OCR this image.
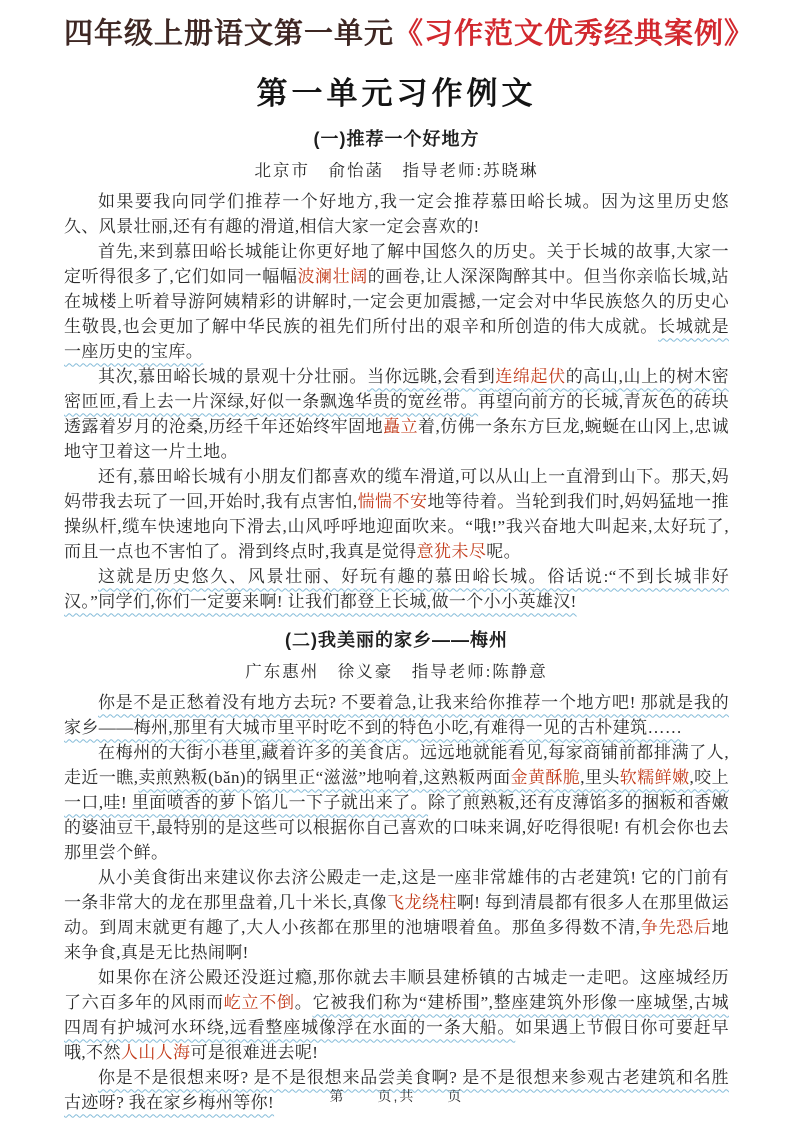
四年级上册语文第一单元《习作范文优秀经典案例》
第一单元习作例文
(一)推荐一个好地方

北京市　俞怡菡　指导老师:苏晓琳

如果要我向同学们推荐一个好地方,我一定会推荐慕田峪长城。因为这里历史悠久、风景壮丽,还有有趣的滑道,相信大家一定会喜欢的!

首先,来到慕田峪长城能让你更好地了解中国悠久的历史。关于长城的故事,大家一定听得很多了,它们如同一幅幅波澜壮阔的画卷,让人深深陶醉其中。但当你亲临长城,站在城楼上听着导游阿姨精彩的讲解时,一定会更加震撼,一定会对中华民族悠久的历史心生敬畏,也会更加了解中华民族的祖先们所付出的艰辛和所创造的伟大成就。长城就是一座历史的宝库。

其次,慕田峪长城的景观十分壮丽。当你远眺,会看到连绵起伏的高山,山上的树木密密匝匝,看上去一片深绿,好似一条飘逸华贵的宽丝带。再望向前方的长城,青灰色的砖块透露着岁月的沧桑,历经千年还始终牢固地矗立着,仿佛一条东方巨龙,蜿蜒在山冈上,忠诚地守卫着这一片土地。

还有,慕田峪长城有小朋友们都喜欢的缆车滑道,可以从山上一直滑到山下。那天,妈妈带我去玩了一回,开始时,我有点害怕,惴惴不安地等待着。当轮到我们时,妈妈猛地一推操纵杆,缆车快速地向下滑去,山风呼呼地迎面吹来。“哦!”我兴奋地大叫起来,太好玩了,而且一点也不害怕了。滑到终点时,我真是觉得意犹未尽呢。

这就是历史悠久、风景壮丽、好玩有趣的慕田峪长城。俗话说:“不到长城非好汉。”同学们,你们一定要来啊! 让我们都登上长城,做一个小小英雄汉!

(二)我美丽的家乡——梅州

广东惠州　徐义豪　指导老师:陈静意

你是不是正愁着没有地方去玩? 不要着急,让我来给你推荐一个地方吧! 那就是我的家乡——梅州,那里有大城市里平时吃不到的特色小吃,有难得一见的古朴建筑……

在梅州的大街小巷里,藏着许多的美食店。远远地就能看见,每家商铺前都排满了人,走近一瞧,卖煎熟粄(bǎn)的锅里正“滋滋”地响着,这熟粄两面金黄酥脆,里头软糯鲜嫩,咬上一口,哇! 里面喷香的萝卜馅儿一下子就出来了。除了煎熟粄,还有皮薄馅多的捆粄和香嫩的婆油豆干,最特别的是这些可以根据你自己喜欢的口味来调,好吃得很呢! 有机会你也去那里尝个鲜。

从小美食街出来建议你去济公殿走一走,这是一座非常雄伟的古老建筑! 它的门前有一条非常大的龙在那里盘着,几十米长,真像飞龙绕柱啊! 每到清晨都有很多人在那里做运动。到周末就更有趣了,大人小孩都在那里的池塘喂着鱼。那鱼多得数不清,争先恐后地来争食,真是无比热闹啊!

如果你在济公殿还没逛过瘾,那你就去丰顺县建桥镇的古城走一走吧。这座城经历了六百多年的风雨而屹立不倒。它被我们称为“建桥围”,整座建筑外形像一座城堡,古城四周有护城河水环绕,远看整座城像浮在水面的一条大船。如果遇上节假日你可要赶早哦,不然人山人海可是很难进去呢!

你是不是很想来呀? 是不是很想来品尝美食啊? 是不是很想来参观古老建筑和名胜古迹呀? 我在家乡梅州等你!	第　　页,共　　页
